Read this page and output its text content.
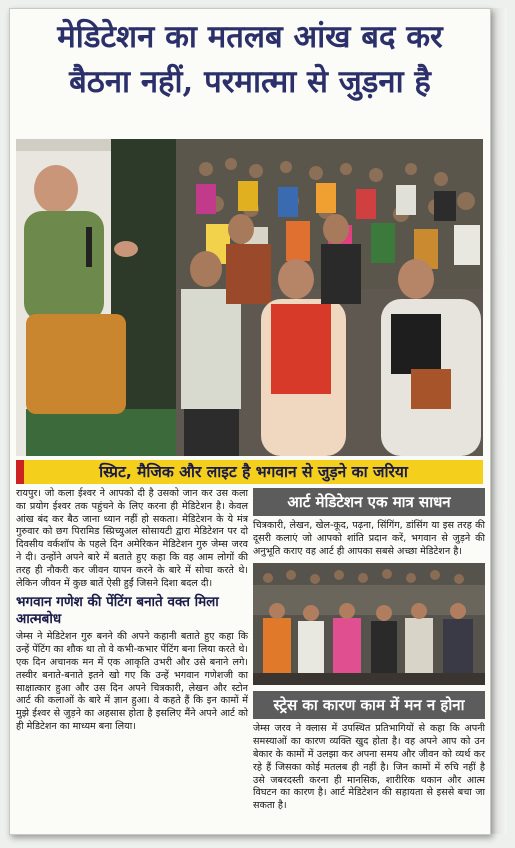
मेडिटेशन का मतलब आंख बद कर
बैठना नहीं, परमात्मा से जुड़ना है
स्प्रिट, मैजिक और लाइट है भगवान से जुड़ने का जरिया

रायपुर। जो कला ईश्वर ने आपको दी है उसको जान कर उस कला का प्रयोग ईश्वर तक पहुंचने के लिए करना ही मेडिटेशन है। केवल आंख बंद कर बैठ जाना ध्यान नहीं हो सकता। मेडिटेशन के ये मंत्र गुरुवार को छग पिरामिड स्प्रिच्युअल सोसायटी द्वारा मेडिटेशन पर दो दिवसीय वर्कशॉप के पहले दिन अमेरिकन मेडिटेशन गुरु जेम्स जरव ने दी। उन्होंने अपने बारे में बताते हुए कहा कि वह आम लोगों की तरह ही नौकरी कर जीवन यापन करने के बारे में सोचा करते थे। लेकिन जीवन में कुछ बातें ऐसी हुईं जिसने दिशा बदल दी।

भगवान गणेश की पेंटिंग बनाते वक्त मिला आत्मबोध

जेम्स ने मेडिटेशन गुरु बनने की अपने कहानी बताते हुए कहा कि उन्हें पेंटिंग का शौक था तो वे कभी-कभार पेंटिंग बना लिया करते थे। एक दिन अचानक मन में एक आकृति उभरी और उसे बनाने लगे। तस्वीर बनाते-बनाते इतने खो गए कि उन्हें भगवान गणेशजी का साक्षात्कार हुआ और उस दिन अपने चित्रकारी, लेखन और स्टोन आर्ट की कलाओं के बारे में ज्ञान हुआ। वे कहते हैं कि इन कामों में मुझे ईश्वर से जुड़ने का अहसास होता है इसलिए मैंने अपने आर्ट को ही मेडिटेशन का माध्यम बना लिया।

आर्ट मेडिटेशन एक मात्र साधन

चित्रकारी, लेखन, खेल-कूद, पढ़ना, सिंगिंग, डांसिंग या इस तरह की दूसरी कलाएं जो आपको शांति प्रदान करें, भगवान से जुड़ने की अनुभूति कराए वह आर्ट ही आपका सबसे अच्छा मेडिटेशन है।

स्ट्रेस का कारण काम में मन न होना

जेम्स जरव ने क्लास में उपस्थित प्रतिभागियों से कहा कि अपनी समस्याओं का कारण व्यक्ति खुद होता है। वह अपने आप को उन बेकार के कामों में उलझा कर अपना समय और जीवन को व्यर्थ कर रहे हैं जिसका कोई मतलब ही नहीं है। जिन कामों में रुचि नहीं है उसे जबरदस्ती करना ही मानसिक, शारीरिक थकान और आत्म विघटन का कारण है। आर्ट मेडिटेशन की सहायता से इससे बचा जा सकता है।
